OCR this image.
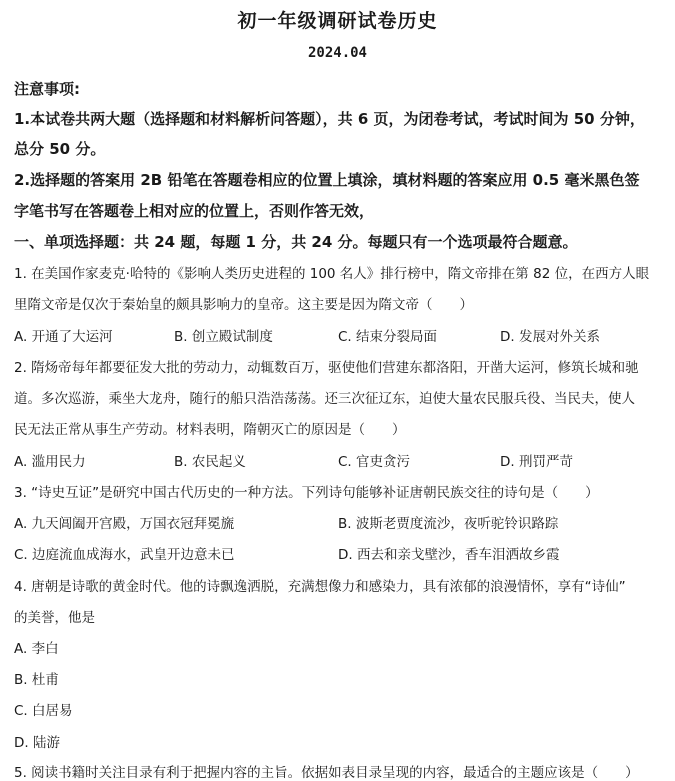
初一年级调研试卷历史
2024.04
注意事项:
1.本试卷共两大题（选择题和材料解析问答题），共 6 页，为闭卷考试，考试时间为 50 分钟，
总分 50 分。
2.选择题的答案用 2B 铅笔在答题卷相应的位置上填涂，填材料题的答案应用 0.5 毫米黑色签
字笔书写在答题卷上相对应的位置上，否则作答无效，
一、单项选择题：共 24 题，每题 1 分，共 24 分。每题只有一个选项最符合题意。
1. 在美国作家麦克·哈特的《影响人类历史进程的 100 名人》排行榜中，隋文帝排在第 82 位，在西方人眼
里隋文帝是仅次于秦始皇的颇具影响力的皇帝。这主要是因为隋文帝（　　）
A. 开通了大运河	B. 创立殿试制度	C. 结束分裂局面	D. 发展对外关系
2. 隋炀帝每年都要征发大批的劳动力，动辄数百万，驱使他们营建东都洛阳，开凿大运河，修筑长城和驰
道。多次巡游，乘坐大龙舟，随行的船只浩浩荡荡。还三次征辽东，迫使大量农民服兵役、当民夫，使人
民无法正常从事生产劳动。材料表明，隋朝灭亡的原因是（　　）
A. 滥用民力	B. 农民起义	C. 官吏贪污	D. 刑罚严苛
3. “诗史互证”是研究中国古代历史的一种方法。下列诗句能够补证唐朝民族交往的诗句是（　　）
A. 九天阊阖开宫殿，万国衣冠拜冕旒	B. 波斯老贾度流沙，夜听驼铃识路踪
C. 边庭流血成海水，武皇开边意未已	D. 西去和亲戈壁沙，香车泪洒故乡霞
4. 唐朝是诗歌的黄金时代。他的诗飘逸洒脱，充满想像力和感染力，具有浓郁的浪漫情怀，享有“诗仙”
的美誉，他是
A. 李白
B. 杜甫
C. 白居易
D. 陆游
5. 阅读书籍时关注目录有利于把握内容的主旨。依据如表目录呈现的内容，最适合的主题应该是（　　）
